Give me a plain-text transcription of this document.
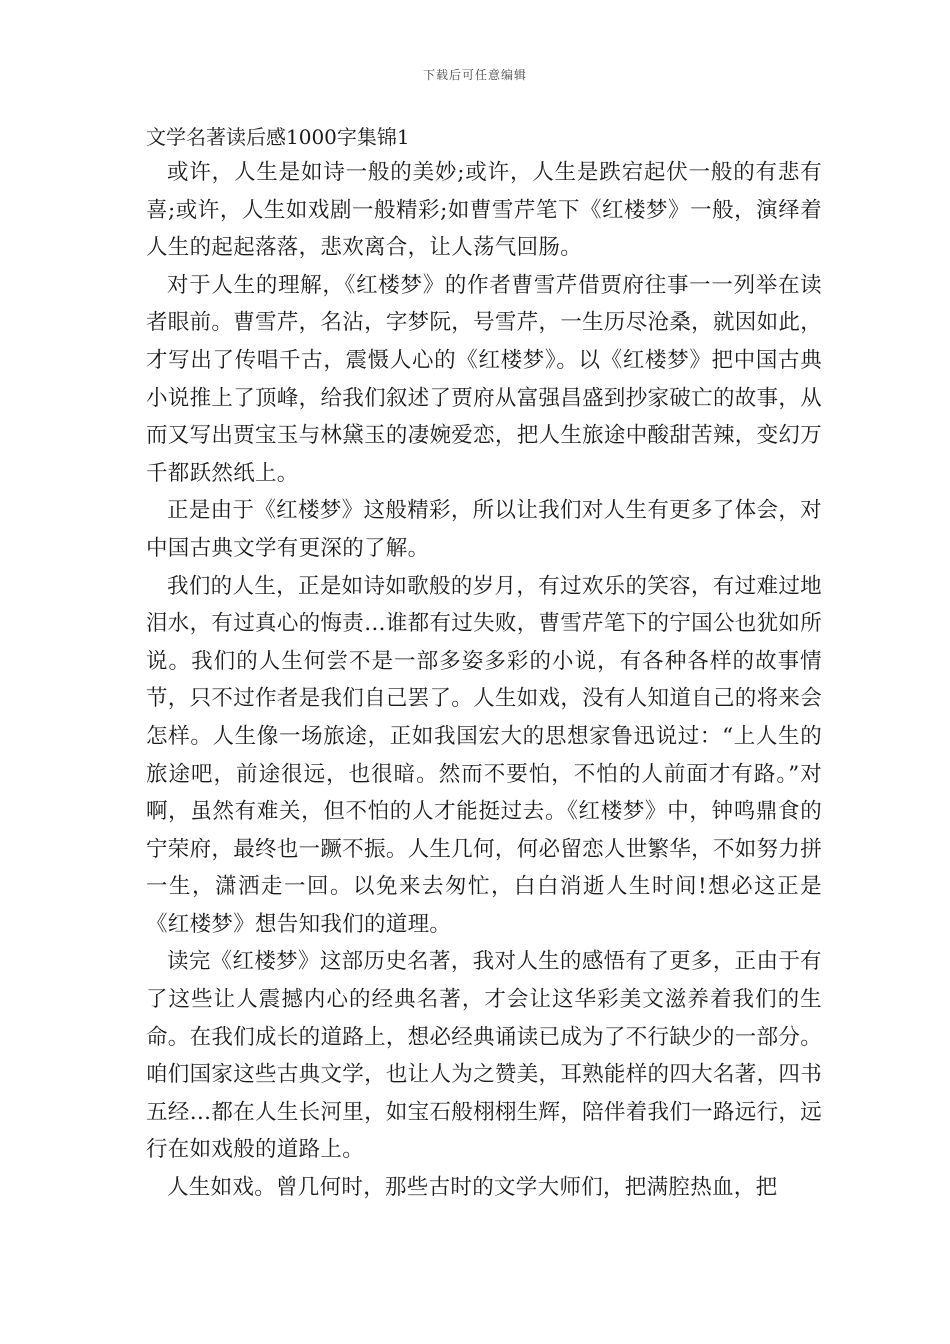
下载后可任意编辑
文学名著读后感1000字集锦1

或许，人生是如诗一般的美妙;或许，人生是跌宕起伏一般的有悲有喜;或许，人生如戏剧一般精彩;如曹雪芹笔下《红楼梦》一般，演绎着人生的起起落落，悲欢离合，让人荡气回肠。

对于人生的理解，《红楼梦》的作者曹雪芹借贾府往事一一列举在读者眼前。曹雪芹，名沾，字梦阮，号雪芹，一生历尽沧桑，就因如此，才写出了传唱千古，震慑人心的《红楼梦》。以《红楼梦》把中国古典小说推上了顶峰，给我们叙述了贾府从富强昌盛到抄家破亡的故事，从而又写出贾宝玉与林黛玉的凄婉爱恋，把人生旅途中酸甜苦辣，变幻万千都跃然纸上。

正是由于《红楼梦》这般精彩，所以让我们对人生有更多了体会，对中国古典文学有更深的了解。

我们的人生，正是如诗如歌般的岁月，有过欢乐的笑容，有过难过地泪水，有过真心的悔责…谁都有过失败，曹雪芹笔下的宁国公也犹如所说。我们的人生何尝不是一部多姿多彩的小说，有各种各样的故事情节，只不过作者是我们自己罢了。人生如戏，没有人知道自己的将来会怎样。人生像一场旅途，正如我国宏大的思想家鲁迅说过：“上人生的旅途吧，前途很远，也很暗。然而不要怕，不怕的人前面才有路。”对啊，虽然有难关，但不怕的人才能挺过去。《红楼梦》中，钟鸣鼎食的宁荣府，最终也一蹶不振。人生几何，何必留恋人世繁华，不如努力拼一生，潇洒走一回。以免来去匆忙，白白消逝人生时间!想必这正是《红楼梦》想告知我们的道理。

读完《红楼梦》这部历史名著，我对人生的感悟有了更多，正由于有了这些让人震撼内心的经典名著，才会让这华彩美文滋养着我们的生命。在我们成长的道路上，想必经典诵读已成为了不行缺少的一部分。咱们国家这些古典文学，也让人为之赞美，耳熟能样的四大名著，四书五经…都在人生长河里，如宝石般栩栩生辉，陪伴着我们一路远行，远行在如戏般的道路上。

人生如戏。曾几何时，那些古时的文学大师们，把满腔热血，把
